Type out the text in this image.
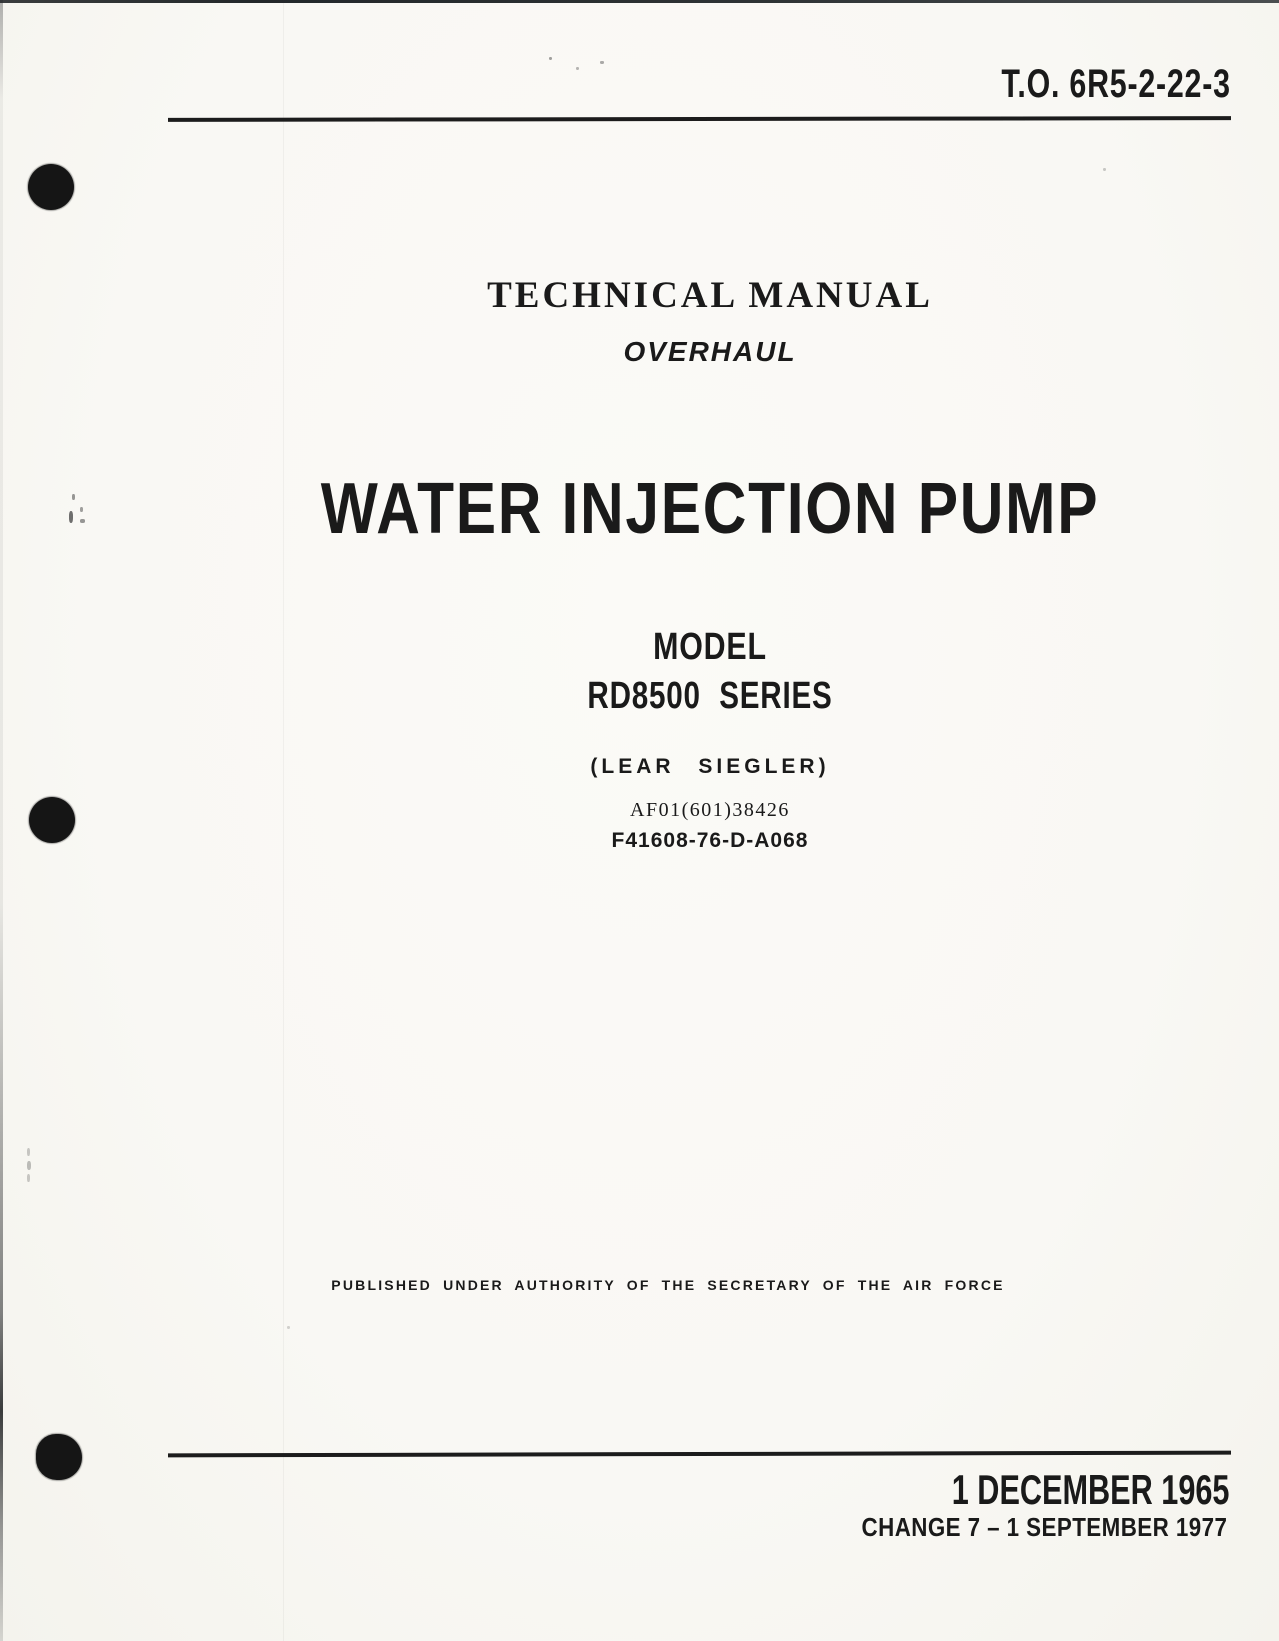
T.O. 6R5-2-22-3
TECHNICAL MANUAL
OVERHAUL
WATER INJECTION PUMP
MODEL
RD8500 SERIES
(LEAR SIEGLER)
AF01(601)38426
F41608-76-D-A068
PUBLISHED UNDER AUTHORITY OF THE SECRETARY OF THE AIR FORCE
1 DECEMBER 1965
CHANGE 7 – 1 SEPTEMBER 1977
